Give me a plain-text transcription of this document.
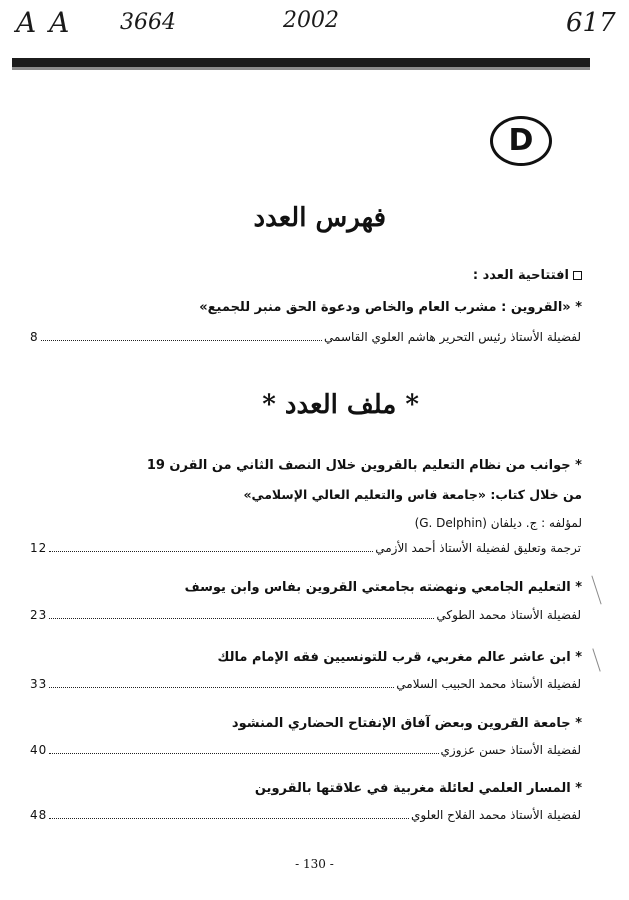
A A 3664	2002	617
D
فهرس العدد
افتتاحية العدد :
* «القروين : مشرب العام والخاص ودعوة الحق منبر للجميع»
لفضيلة الأستاذ رئيس التحرير هاشم العلوي القاسمي
8
* ملف العدد *
* جوانب من نظام التعليم بالقروين خلال النصف الثاني من القرن 19
من خلال كتاب: «جامعة فاس والتعليم العالي الإسلامي»
لمؤلفه : ج. ديلفان (G. Delphin)
ترجمة وتعليق لفضيلة الأستاذ أحمد الأزمي
12
* التعليم الجامعي ونهضته بجامعتي القروين بفاس وابن يوسف
لفضيلة الأستاذ محمد الطوكي
23
* ابن عاشر عالم مغربي، قرب للتونسيين فقه الإمام مالك
لفضيلة الأستاذ محمد الحبيب السلامي
33
* جامعة القروين وبعض آفاق الإنفتاح الحضاري المنشود
لفضيلة الأستاذ حسن عزوزي
40
* المسار العلمي لعائلة مغربية في علاقتها بالقروين
لفضيلة الأستاذ محمد الفلاح العلوي
48
- 130 -
